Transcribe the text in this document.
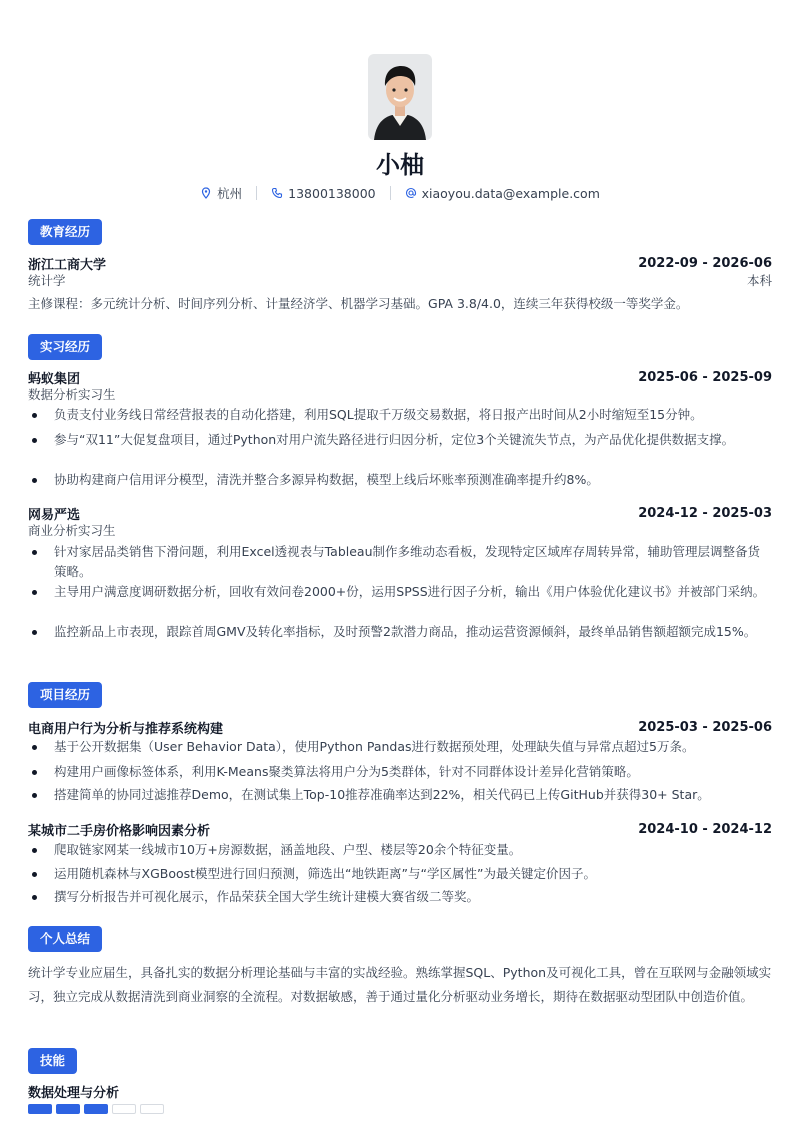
小柚
杭州	13800138000	xiaoyou.data@example.com
教育经历
浙江工商大学	2022-09 - 2026-06
统计学	本科
主修课程：多元统计分析、时间序列分析、计量经济学、机器学习基础。GPA 3.8/4.0，连续三年获得校级一等奖学金。
实习经历
蚂蚁集团	2025-06 - 2025-09
数据分析实习生
负责支付业务线日常经营报表的自动化搭建，利用SQL提取千万级交易数据，将日报产出时间从2小时缩短至15分钟。
参与“双11”大促复盘项目，通过Python对用户流失路径进行归因分析，定位3个关键流失节点，为产品优化提供数据支撑。
协助构建商户信用评分模型，清洗并整合多源异构数据，模型上线后坏账率预测准确率提升约8%。
网易严选	2024-12 - 2025-03
商业分析实习生
针对家居品类销售下滑问题，利用Excel透视表与Tableau制作多维动态看板，发现特定区域库存周转异常，辅助管理层调整备货策略。
主导用户满意度调研数据分析，回收有效问卷2000+份，运用SPSS进行因子分析，输出《用户体验优化建议书》并被部门采纳。
监控新品上市表现，跟踪首周GMV及转化率指标，及时预警2款潜力商品，推动运营资源倾斜，最终单品销售额超额完成15%。
项目经历
电商用户行为分析与推荐系统构建	2025-03 - 2025-06
基于公开数据集（User Behavior Data），使用Python Pandas进行数据预处理，处理缺失值与异常点超过5万条。
构建用户画像标签体系，利用K-Means聚类算法将用户分为5类群体，针对不同群体设计差异化营销策略。
搭建简单的协同过滤推荐Demo，在测试集上Top-10推荐准确率达到22%，相关代码已上传GitHub并获得30+ Star。
某城市二手房价格影响因素分析	2024-10 - 2024-12
爬取链家网某一线城市10万+房源数据，涵盖地段、户型、楼层等20余个特征变量。
运用随机森林与XGBoost模型进行回归预测，筛选出“地铁距离”与“学区属性”为最关键定价因子。
撰写分析报告并可视化展示，作品荣获全国大学生统计建模大赛省级二等奖。
个人总结
统计学专业应届生，具备扎实的数据分析理论基础与丰富的实战经验。熟练掌握SQL、Python及可视化工具，曾在互联网与金融领域实习，独立完成从数据清洗到商业洞察的全流程。对数据敏感，善于通过量化分析驱动业务增长，期待在数据驱动型团队中创造价值。
技能
数据处理与分析
